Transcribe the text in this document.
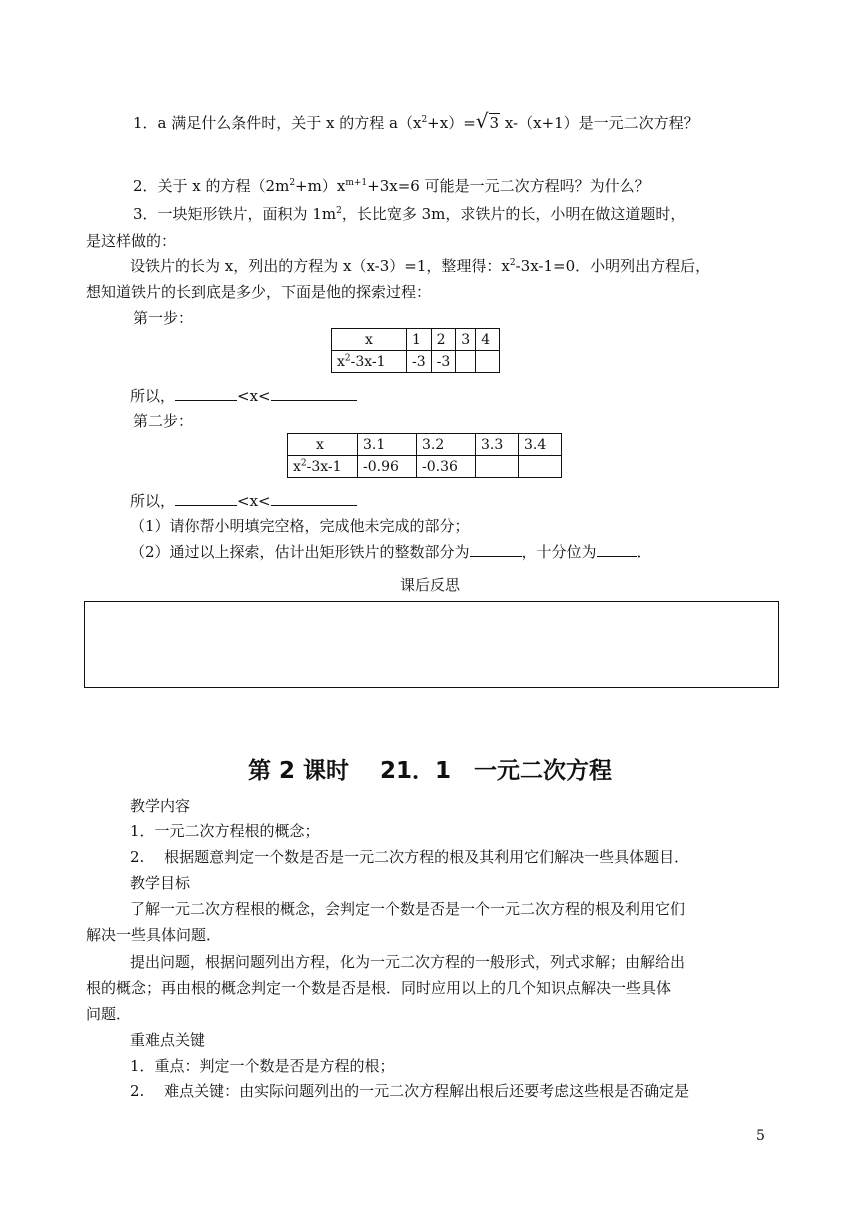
1．a 满足什么条件时，关于 x 的方程 $a(x^2+x)=√3$ x-（x+1）是一元二次方程？
2．关于 x 的方程$(2m^2+m)x^{m+1}+3x=6$ 可能是一元二次方程吗？为什么？
3．一块矩形铁片，面积为 $1m^2$，长比宽多 3m，求铁片的长，小明在做这道题时，
是这样做的：
设铁片的长为 x，列出的方程为 x（x-3）=1，整理得：$x^2-3x-1=0$．小明列出方程后，
想知道铁片的长到底是多少，下面是他的探索过程：
第一步：
x	1	2	3	4
$x^2-3x-1$	-3	-3		
所以，	<x<
第二步：
x	3.1	3.2	3.3	3.4
$x^2-3x-1$	-0.96	-0.36		
所以，	<x<
（1）请你帮小明填完空格，完成他未完成的部分；
（2）通过以上探索，估计出矩形铁片的整数部分为	，十分位为	．
课后反思
第 2 课时　 21．1　一元二次方程
教学内容
1．一元二次方程根的概念；
2.　 根据题意判定一个数是否是一元二次方程的根及其利用它们解决一些具体题目．
教学目标
了解一元二次方程根的概念，会判定一个数是否是一个一元二次方程的根及利用它们
解决一些具体问题．
提出问题，根据问题列出方程，化为一元二次方程的一般形式，列式求解；由解给出
根的概念；再由根的概念判定一个数是否是根．同时应用以上的几个知识点解决一些具体
问题．
重难点关键
1．重点：判定一个数是否是方程的根；
2.　 难点关键：由实际问题列出的一元二次方程解出根后还要考虑这些根是否确定是
5
